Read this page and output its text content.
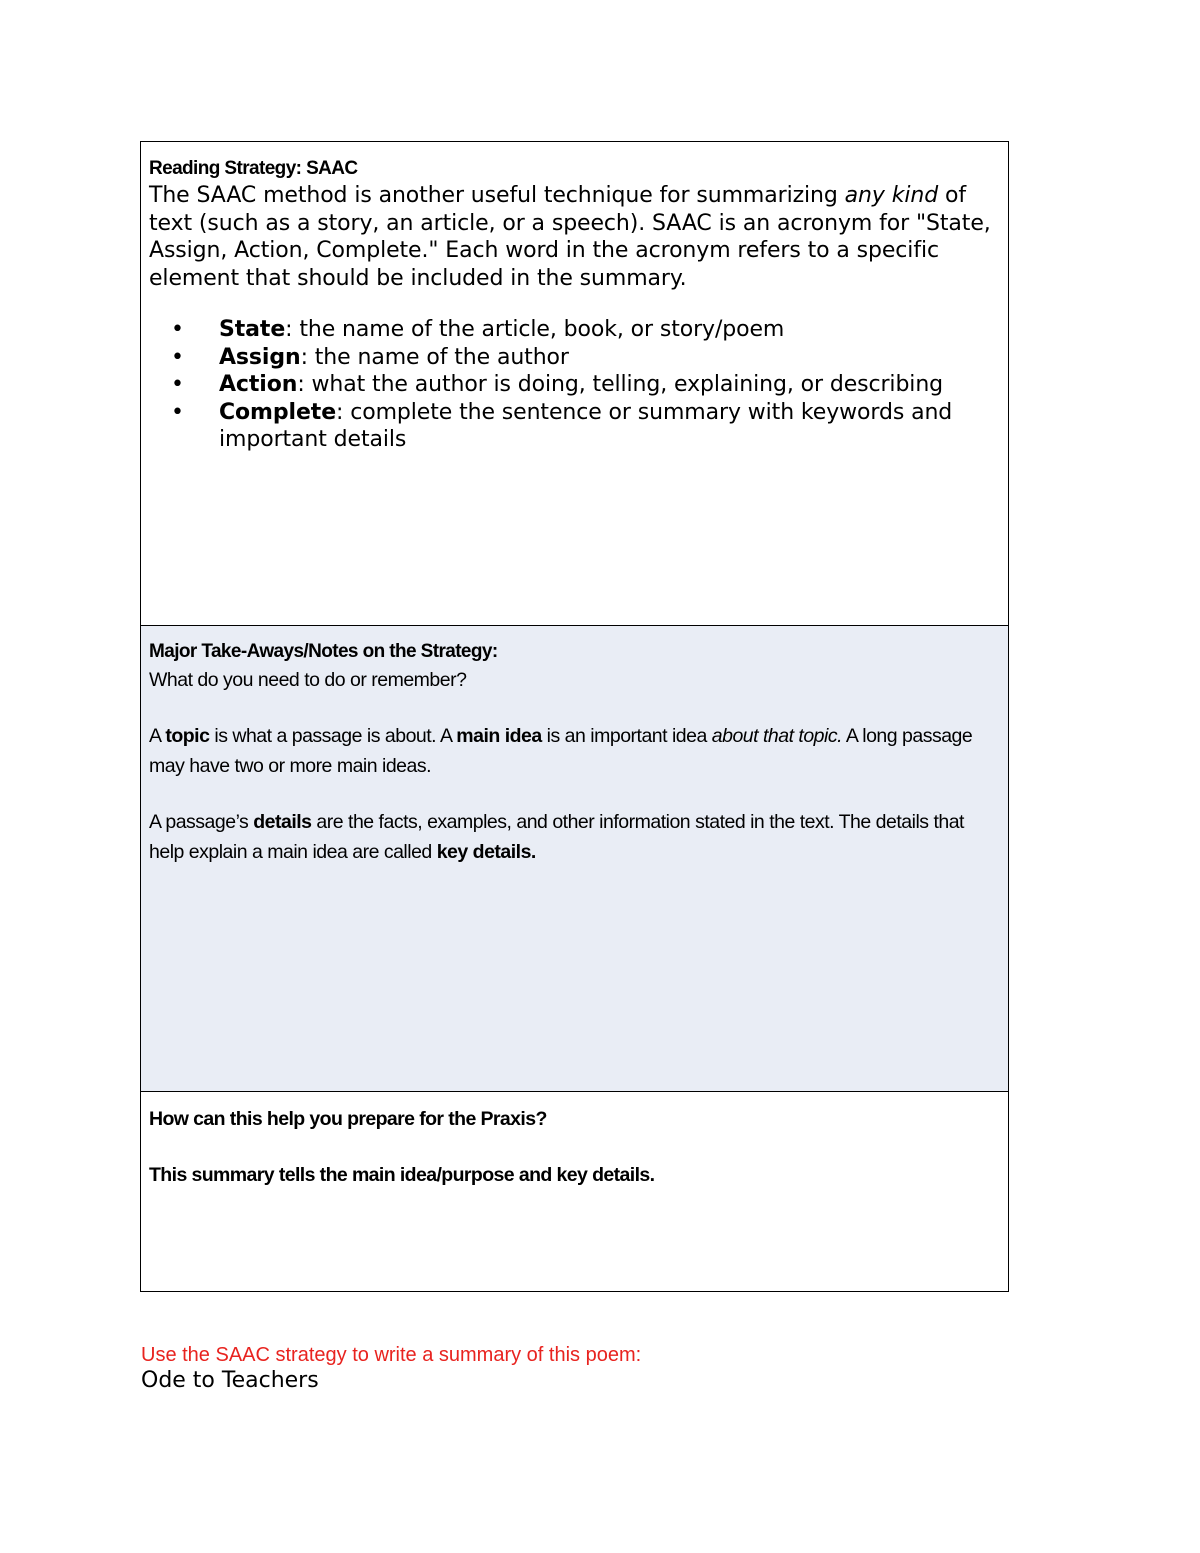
Reading Strategy: SAAC

The SAAC method is another useful technique for summarizing any kind of text (such as a story, an article, or a speech). SAAC is an acronym for "State, Assign, Action, Complete." Each word in the acronym refers to a specific element that should be included in the summary.

• State: the name of the article, book, or story/poem
• Assign: the name of the author
• Action: what the author is doing, telling, explaining, or describing
• Complete: complete the sentence or summary with keywords and important details

Major Take-Aways/Notes on the Strategy:

What do you need to do or remember?

A topic is what a passage is about. A main idea is an important idea about that topic. A long passage may have two or more main ideas.

A passage’s details are the facts, examples, and other information stated in the text. The details that help explain a main idea are called key details.

How can this help you prepare for the Praxis?

This summary tells the main idea/purpose and key details.

Use the SAAC strategy to write a summary of this poem:

Ode to Teachers
